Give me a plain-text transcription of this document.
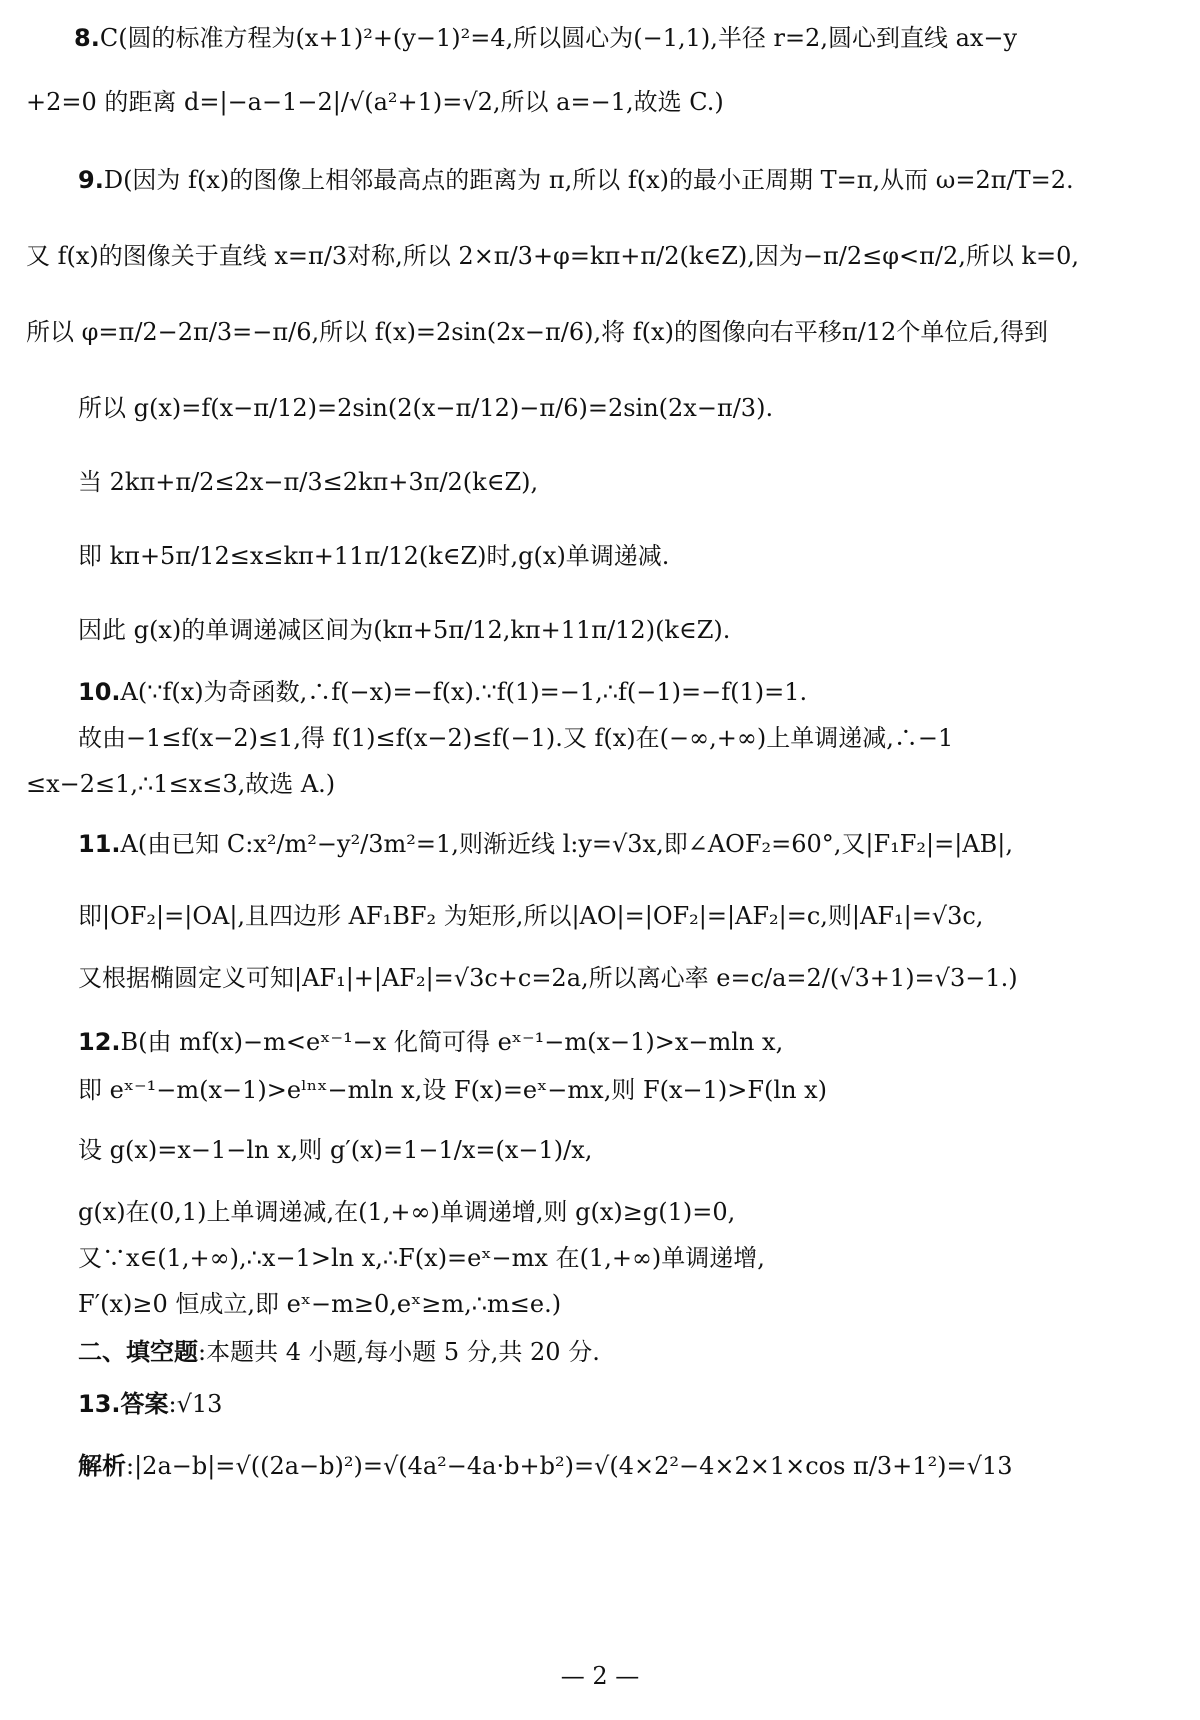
8.C(圆的标准方程为(x+1)²+(y−1)²=4,所以圆心为(−1,1),半径 r=2,圆心到直线 ax−y
+2=0 的距离 d=|−a−1−2|/√(a²+1)=√2,所以 a=−1,故选 C.)
9.D(因为 f(x)的图像上相邻最高点的距离为 π,所以 f(x)的最小正周期 T=π,从而 ω=2π/T=2.
又 f(x)的图像关于直线 x=π/3对称,所以 2×π/3+φ=kπ+π/2(k∈Z),因为−π/2≤φ<π/2,所以 k=0,
所以 φ=π/2−2π/3=−π/6,所以 f(x)=2sin(2x−π/6),将 f(x)的图像向右平移π/12个单位后,得到
所以 g(x)=f(x−π/12)=2sin(2(x−π/12)−π/6)=2sin(2x−π/3).
当 2kπ+π/2≤2x−π/3≤2kπ+3π/2(k∈Z),
即 kπ+5π/12≤x≤kπ+11π/12(k∈Z)时,g(x)单调递减.
因此 g(x)的单调递减区间为(kπ+5π/12,kπ+11π/12)(k∈Z).
10.A(∵f(x)为奇函数,∴f(−x)=−f(x).∵f(1)=−1,∴f(−1)=−f(1)=1.
故由−1≤f(x−2)≤1,得 f(1)≤f(x−2)≤f(−1).又 f(x)在(−∞,+∞)上单调递减,∴−1
≤x−2≤1,∴1≤x≤3,故选 A.)
11.A(由已知 C:x²/m²−y²/3m²=1,则渐近线 l:y=√3x,即∠AOF₂=60°,又|F₁F₂|=|AB|,
即|OF₂|=|OA|,且四边形 AF₁BF₂ 为矩形,所以|AO|=|OF₂|=|AF₂|=c,则|AF₁|=√3c,
又根据椭圆定义可知|AF₁|+|AF₂|=√3c+c=2a,所以离心率 e=c/a=2/(√3+1)=√3−1.)
12.B(由 mf(x)−m<eˣ⁻¹−x 化简可得 eˣ⁻¹−m(x−1)>x−mln x,
即 eˣ⁻¹−m(x−1)>eˡⁿˣ−mln x,设 F(x)=eˣ−mx,则 F(x−1)>F(ln x)
设 g(x)=x−1−ln x,则 g′(x)=1−1/x=(x−1)/x,
g(x)在(0,1)上单调递减,在(1,+∞)单调递增,则 g(x)≥g(1)=0,
又∵x∈(1,+∞),∴x−1>ln x,∴F(x)=eˣ−mx 在(1,+∞)单调递增,
F′(x)≥0 恒成立,即 eˣ−m≥0,eˣ≥m,∴m≤e.)
二、填空题:本题共 4 小题,每小题 5 分,共 20 分.
13.答案:√13
解析:|2a−b|=√((2a−b)²)=√(4a²−4a·b+b²)=√(4×2²−4×2×1×cos π/3+1²)=√13
— 2 —
